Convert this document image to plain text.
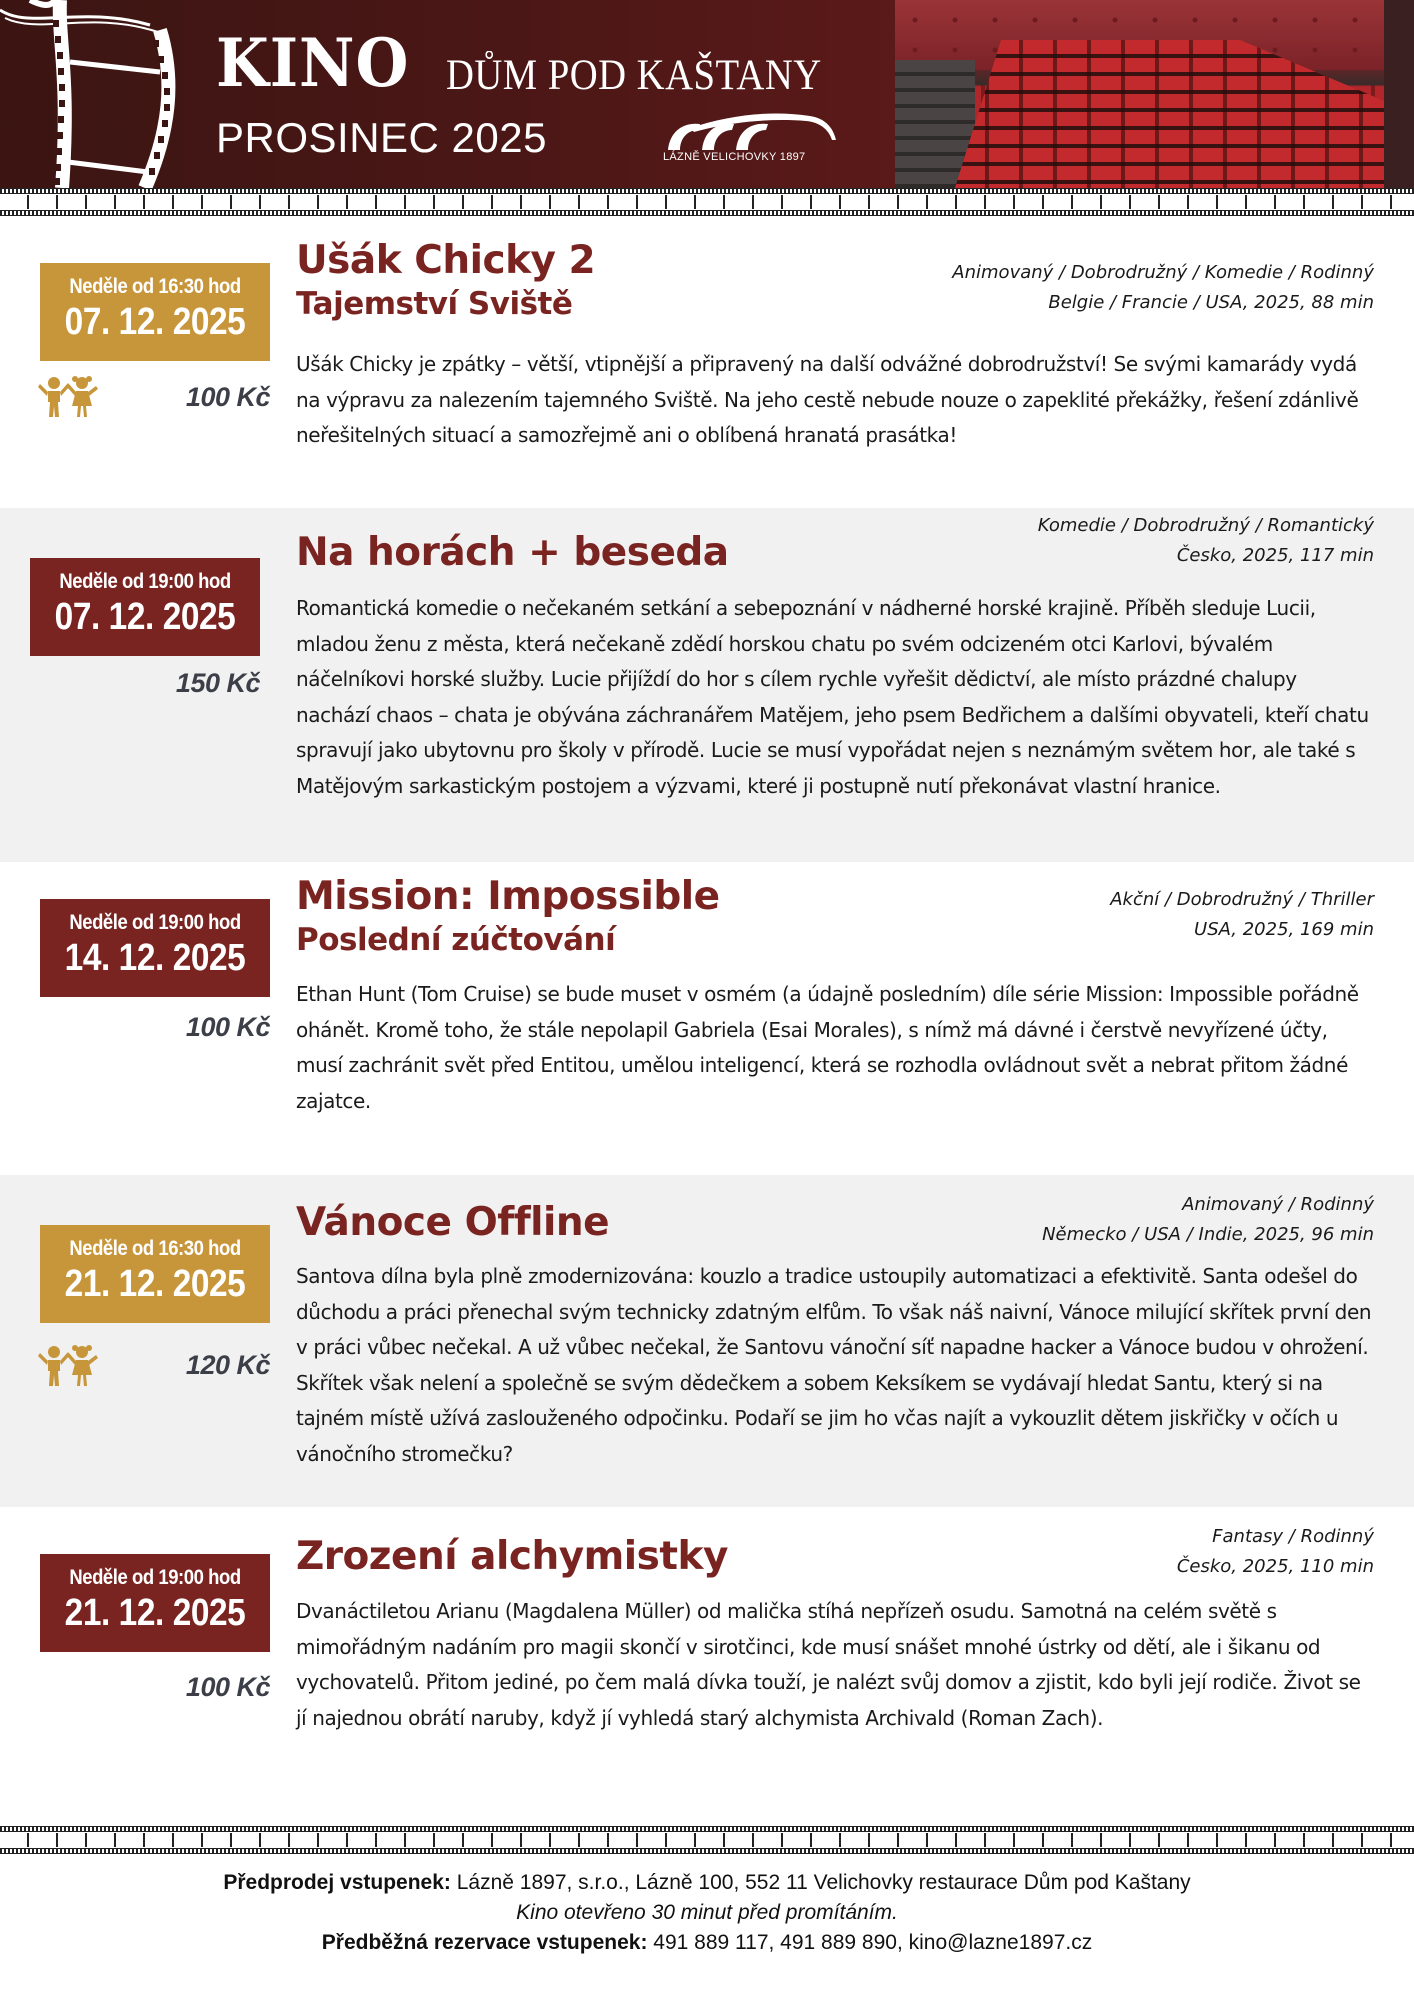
KINO DŮM POD KAŠTANY
PROSINEC 2025	LÁZNĚ VELICHOVKY 1897
Neděle od 16:30 hod
07. 12. 2025
100 Kč
Ušák Chicky 2
Tajemství Sviště
Animovaný / Dobrodružný / Komedie / Rodinný
Belgie / Francie / USA, 2025, 88 min
Ušák Chicky je zpátky – větší, vtipnější a připravený na další odvážné dobrodružství! Se svými kamarády vydá na výpravu za nalezením tajemného Sviště. Na jeho cestě nebude nouze o zapeklité překážky, řešení zdánlivě neřešitelných situací a samozřejmě ani o oblíbená hranatá prasátka!
Neděle od 19:00 hod
07. 12. 2025
150 Kč
Na horách + beseda
Komedie / Dobrodružný / Romantický
Česko, 2025, 117 min
Romantická komedie o nečekaném setkání a sebepoznání v nádherné horské krajině. Příběh sleduje Lucii, mladou ženu z města, která nečekaně zdědí horskou chatu po svém odcizeném otci Karlovi, bývalém náčelníkovi horské služby. Lucie přijíždí do hor s cílem rychle vyřešit dědictví, ale místo prázdné chalupy nachází chaos – chata je obývána záchranářem Matějem, jeho psem Bedřichem a dalšími obyvateli, kteří chatu spravují jako ubytovnu pro školy v přírodě. Lucie se musí vypořádat nejen s neznámým světem hor, ale také s Matějovým sarkastickým postojem a výzvami, které ji postupně nutí překonávat vlastní hranice.
Neděle od 19:00 hod
14. 12. 2025
100 Kč
Mission: Impossible
Poslední zúčtování
Akční / Dobrodružný / Thriller
USA, 2025, 169 min
Ethan Hunt (Tom Cruise) se bude muset v osmém (a údajně posledním) díle série Mission: Impossible pořádně ohánět. Kromě toho, že stále nepolapil Gabriela (Esai Morales), s nímž má dávné i čerstvě nevyřízené účty, musí zachránit svět před Entitou, umělou inteligencí, která se rozhodla ovládnout svět a nebrat přitom žádné zajatce.
Neděle od 16:30 hod
21. 12. 2025
120 Kč
Vánoce Offline	Animovaný / Rodinný
Německo / USA / Indie, 2025, 96 min
Santova dílna byla plně zmodernizována: kouzlo a tradice ustoupily automatizaci a efektivitě. Santa odešel do důchodu a práci přenechal svým technicky zdatným elfům. To však náš naivní, Vánoce milující skřítek první den v práci vůbec nečekal. A už vůbec nečekal, že Santovu vánoční síť napadne hacker a Vánoce budou v ohrožení. Skřítek však nelení a společně se svým dědečkem a sobem Keksíkem se vydávají hledat Santu, který si na tajném místě užívá zaslouženého odpočinku. Podaří se jim ho včas najít a vykouzlit dětem jiskřičky v očích u vánočního stromečku?
Neděle od 19:00 hod
21. 12. 2025
100 Kč
Zrození alchymistky	Fantasy / Rodinný
Česko, 2025, 110 min
Dvanáctiletou Arianu (Magdalena Müller) od malička stíhá nepřízeň osudu. Samotná na celém světě s mimořádným nadáním pro magii skončí v sirotčinci, kde musí snášet mnohé ústrky od dětí, ale i šikanu od vychovatelů. Přitom jediné, po čem malá dívka touží, je nalézt svůj domov a zjistit, kdo byli její rodiče. Život se jí najednou obrátí naruby, když jí vyhledá starý alchymista Archivald (Roman Zach).
Předprodej vstupenek: Lázně 1897, s.r.o., Lázně 100, 552 11 Velichovky restaurace Dům pod Kaštany
Kino otevřeno 30 minut před promítáním.
Předběžná rezervace vstupenek: 491 889 117, 491 889 890, kino@lazne1897.cz
